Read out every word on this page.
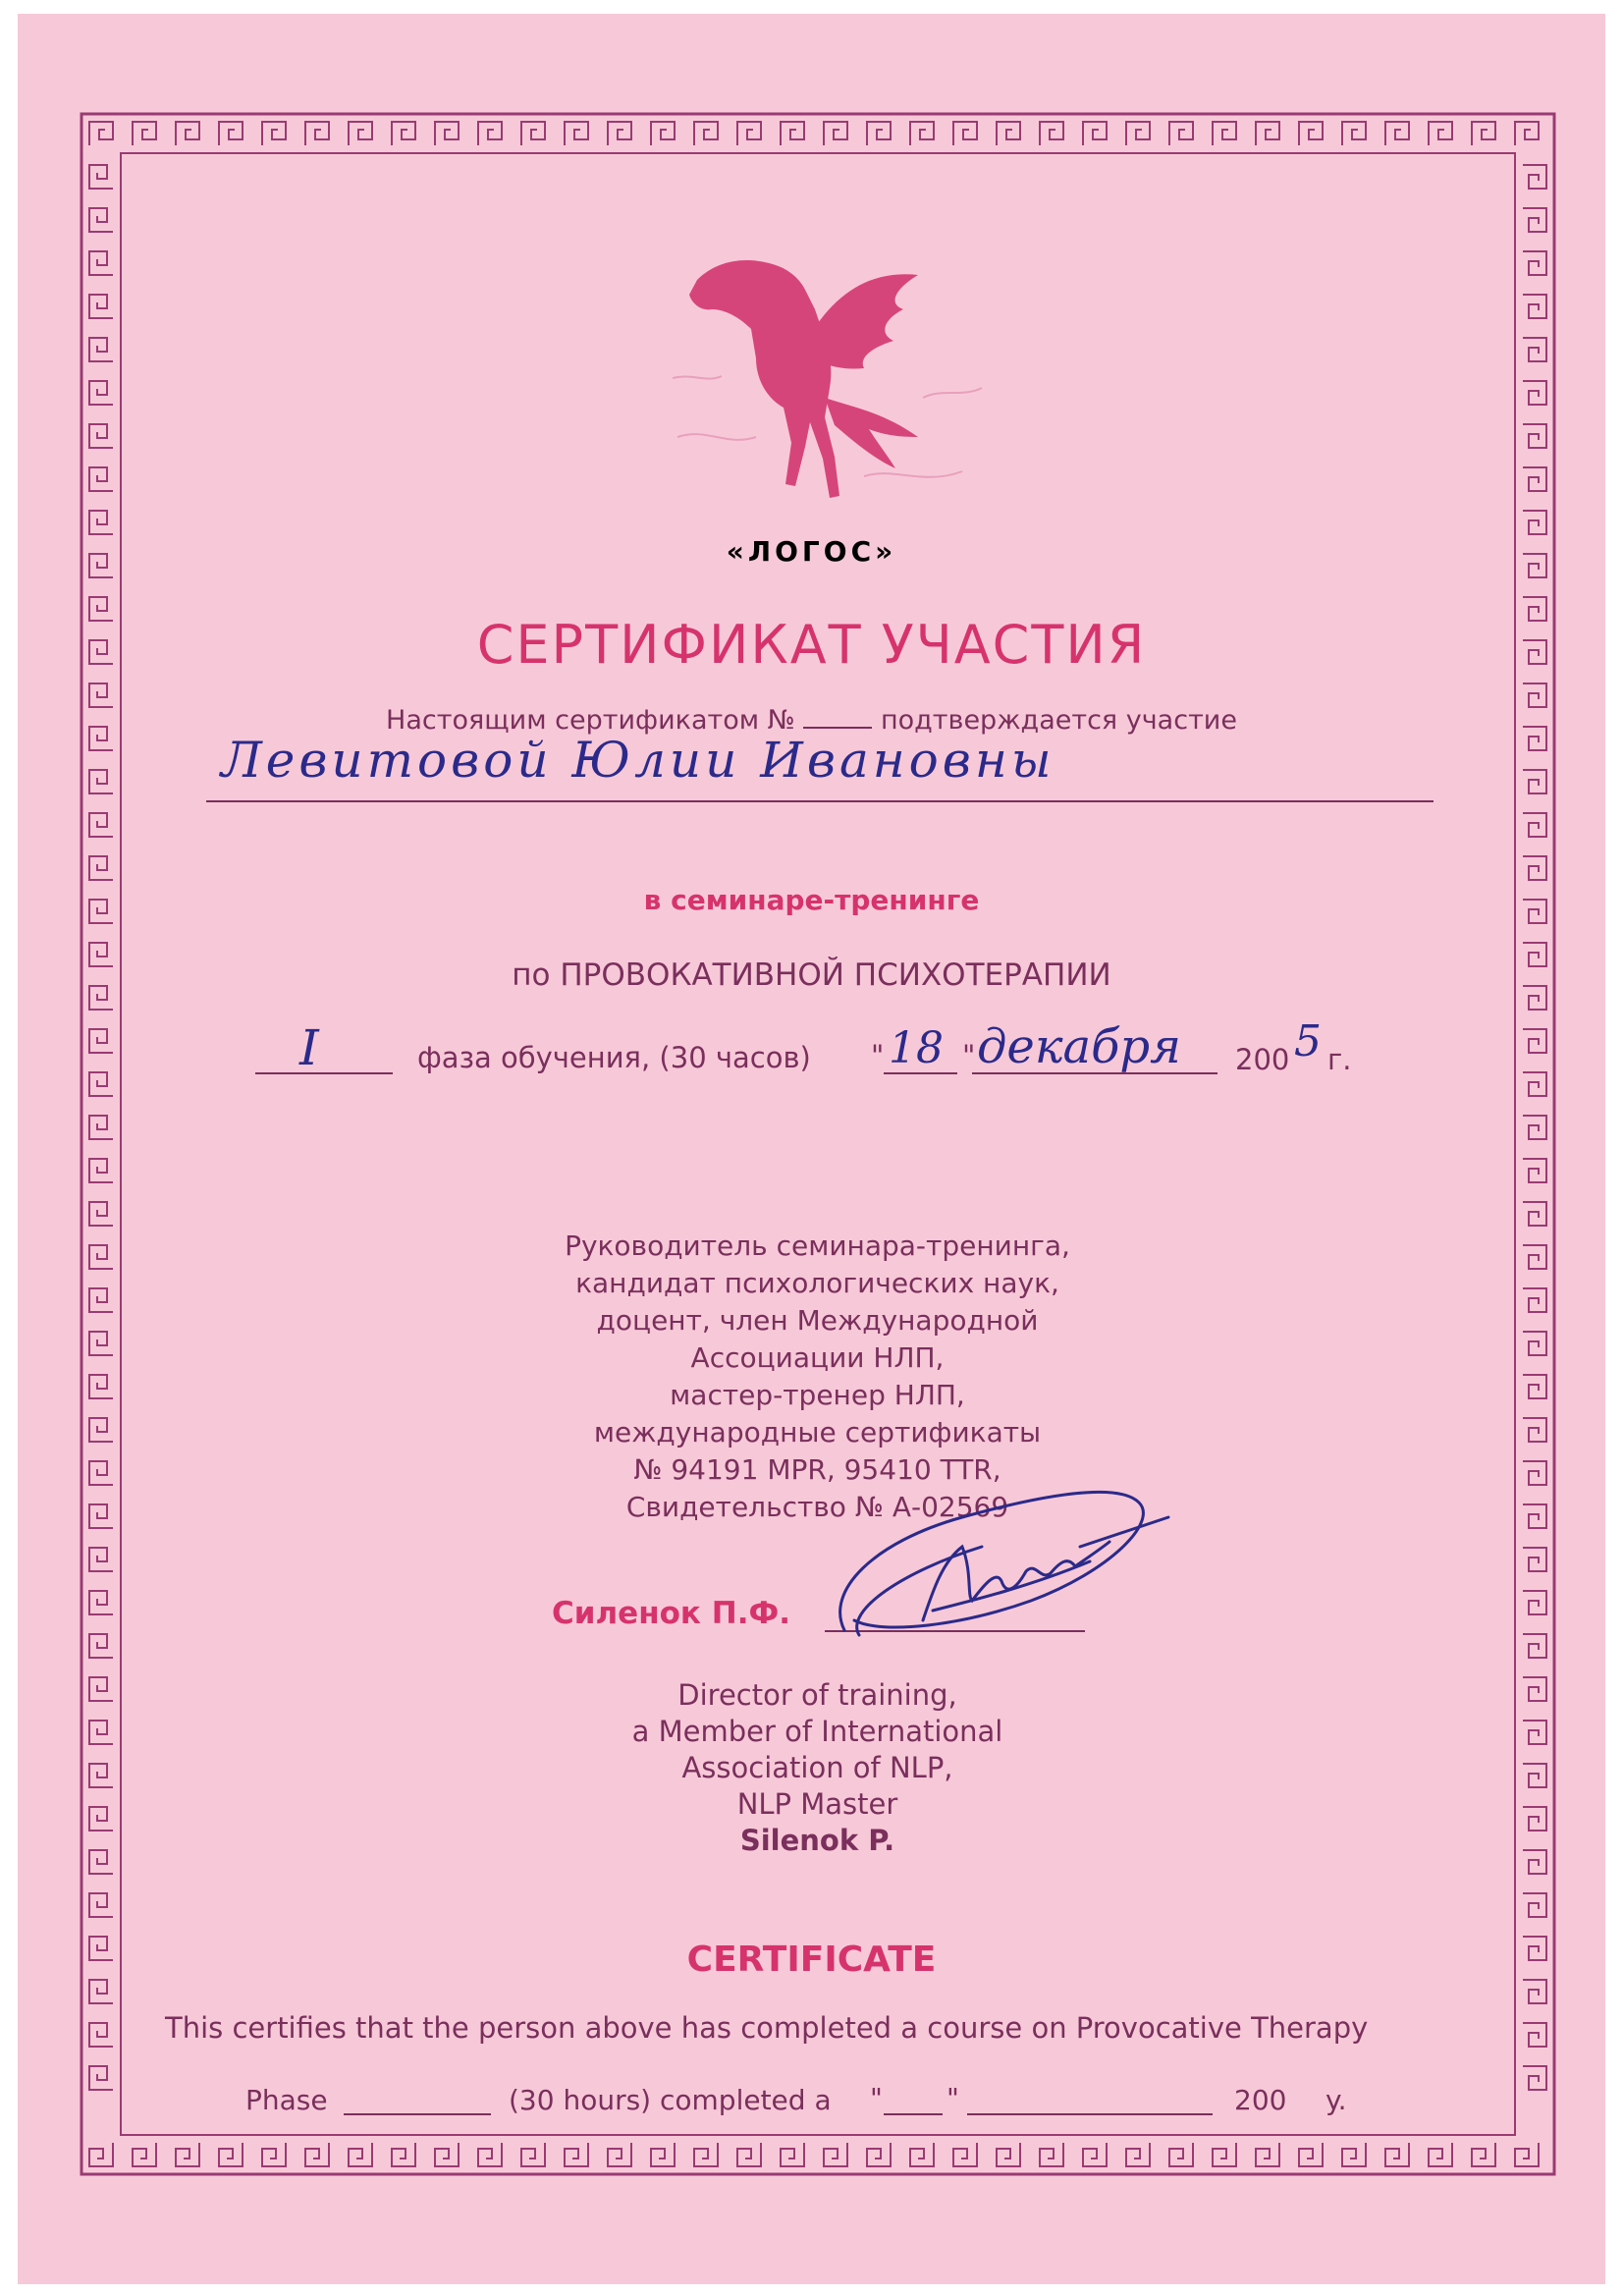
«ЛОГОС»
СЕРТИФИКАТ УЧАСТИЯ
Настоящим сертификатом №	подтверждается участие
Левитовой Юлии Ивановны
в семинаре-тренинге
по ПРОВОКАТИВНОЙ ПСИХОТЕРАПИИ
I	фаза обучения, (30 часов) " 18 " декабря 200 5 г.
Руководитель семинара-тренинга,
кандидат психологических наук,
доцент, член Международной
Ассоциации НЛП,
мастер-тренер НЛП,
международные сертификаты
№ 94191 MPR, 95410 TTR,
Свидетельство № А-02569
Силенок П.Ф.
Director of training,
a Member of International
Association of NLP,
NLP Master
Silenok P.
CERTIFICATE
This certifies that the person above has completed a course on Provocative Therapy
Phase	(30 hours) completed a " "	200 y.
